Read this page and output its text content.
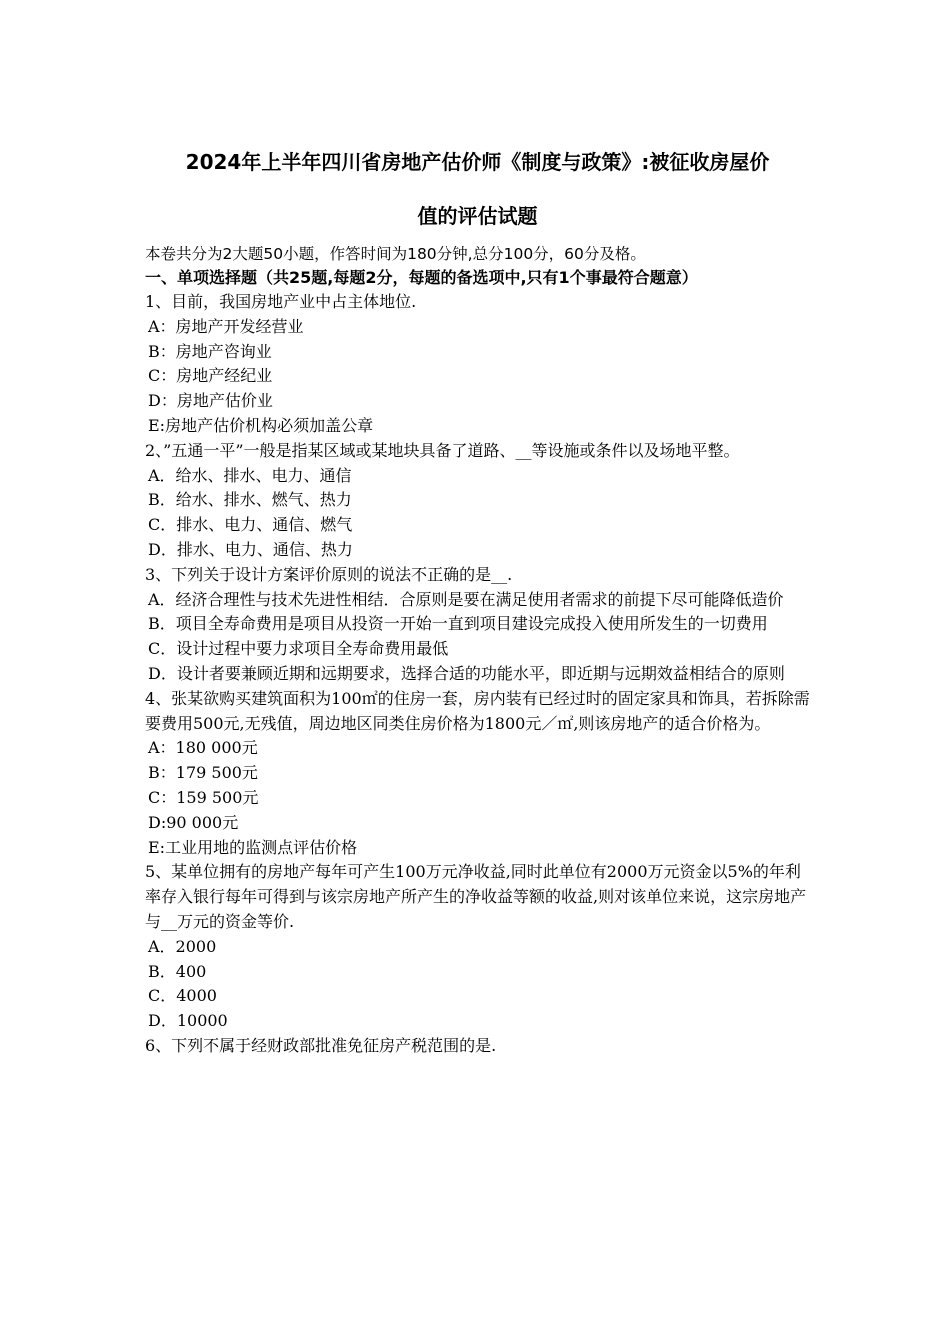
2024年上半年四川省房地产估价师《制度与政策》:被征收房屋价
值的评估试题

本卷共分为2大题50小题，作答时间为180分钟,总分100分，60分及格。

一、单项选择题（共25题,每题2分，每题的备选项中,只有1个事最符合题意）

1、目前，我国房地产业中占主体地位.

A：房地产开发经营业

B：房地产咨询业

C：房地产经纪业

D：房地产估价业

E:房地产估价机构必须加盖公章

2、”五通一平”一般是指某区域或某地块具备了道路、__等设施或条件以及场地平整。

A．给水、排水、电力、通信

B．给水、排水、燃气、热力

C．排水、电力、通信、燃气

D．排水、电力、通信、热力

3、下列关于设计方案评价原则的说法不正确的是__.

A．经济合理性与技术先进性相结．合原则是要在满足使用者需求的前提下尽可能降低造价

B．项目全寿命费用是项目从投资一开始一直到项目建设完成投入使用所发生的一切费用

C．设计过程中要力求项目全寿命费用最低

D．设计者要兼顾近期和远期要求，选择合适的功能水平，即近期与远期效益相结合的原则

4、张某欲购买建筑面积为100㎡的住房一套，房内装有已经过时的固定家具和饰具，若拆除需要费用500元,无残值，周边地区同类住房价格为1800元／㎡,则该房地产的适合价格为。

A：180 000元

B：179 500元

C：159 500元

D:90 000元

E:工业用地的监测点评估价格

5、某单位拥有的房地产每年可产生100万元净收益,同时此单位有2000万元资金以5%的年利率存入银行每年可得到与该宗房地产所产生的净收益等额的收益,则对该单位来说，这宗房地产与__万元的资金等价.

A．2000

B．400

C．4000

D．10000

6、下列不属于经财政部批准免征房产税范围的是.
